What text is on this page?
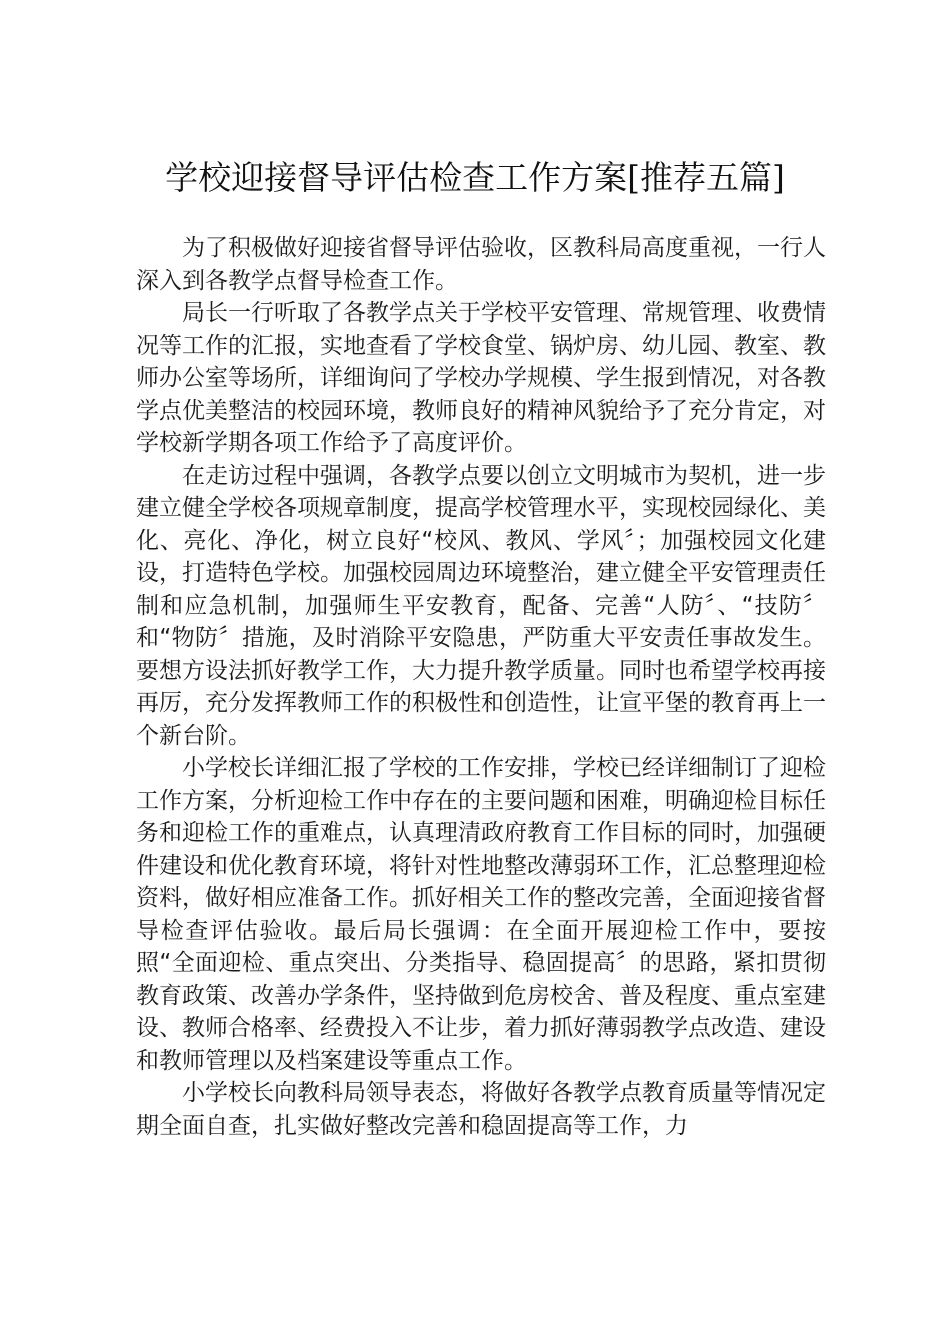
学校迎接督导评估检查工作方案[推荐五篇]

为了积极做好迎接省督导评估验收，区教科局高度重视，一行人深入到各教学点督导检查工作。

局长一行听取了各教学点关于学校平安管理、常规管理、收费情况等工作的汇报，实地查看了学校食堂、锅炉房、幼儿园、教室、教师办公室等场所，详细询问了学校办学规模、学生报到情况，对各教学点优美整洁的校园环境，教师良好的精神风貌给予了充分肯定，对学校新学期各项工作给予了高度评价。

在走访过程中强调，各教学点要以创立文明城市为契机，进一步建立健全学校各项规章制度，提高学校管理水平，实现校园绿化、美化、亮化、净化，树立良好“校风、教风、学风〞；加强校园文化建设，打造特色学校。加强校园周边环境整治，建立健全平安管理责任制和应急机制，加强师生平安教育，配备、完善“人防〞、“技防〞和“物防〞措施，及时消除平安隐患，严防重大平安责任事故发生。要想方设法抓好教学工作，大力提升教学质量。同时也希望学校再接再厉，充分发挥教师工作的积极性和创造性，让宣平堡的教育再上一个新台阶。

小学校长详细汇报了学校的工作安排，学校已经详细制订了迎检工作方案，分析迎检工作中存在的主要问题和困难，明确迎检目标任务和迎检工作的重难点，认真理清政府教育工作目标的同时，加强硬件建设和优化教育环境，将针对性地整改薄弱环工作，汇总整理迎检资料，做好相应准备工作。抓好相关工作的整改完善，全面迎接省督导检查评估验收。最后局长强调：在全面开展迎检工作中，要按照“全面迎检、重点突出、分类指导、稳固提高〞的思路，紧扣贯彻教育政策、改善办学条件，坚持做到危房校舍、普及程度、重点室建设、教师合格率、经费投入不让步，着力抓好薄弱教学点改造、建设和教师管理以及档案建设等重点工作。

小学校长向教科局领导表态，将做好各教学点教育质量等情况定期全面自查，扎实做好整改完善和稳固提高等工作，力
